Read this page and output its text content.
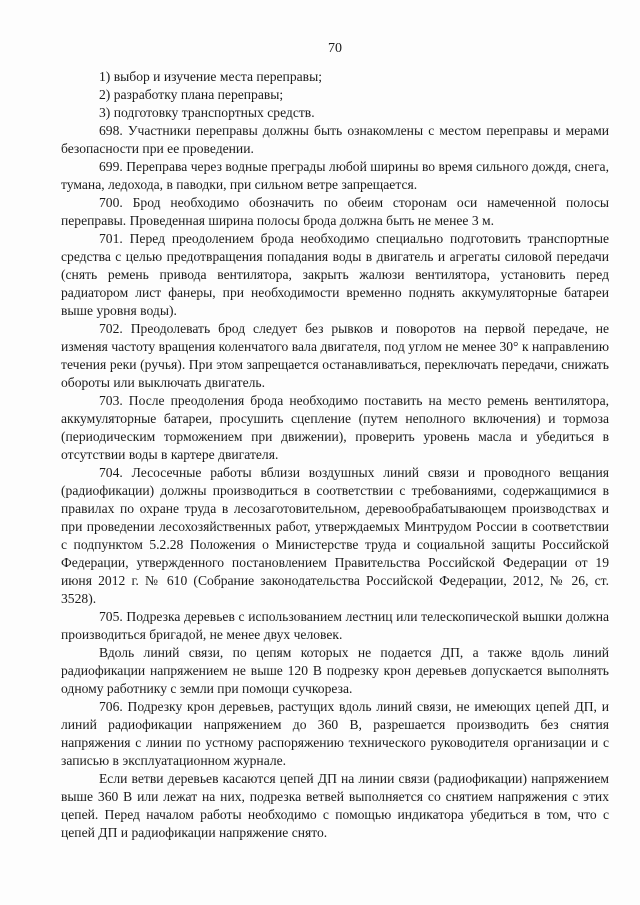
70

1) выбор и изучение места переправы;

2) разработку плана переправы;

3) подготовку транспортных средств.

698. Участники переправы должны быть ознакомлены с местом переправы и мерами безопасности при ее проведении.

699. Переправа через водные преграды любой ширины во время сильного дождя, снега, тумана, ледохода, в паводки, при сильном ветре запрещается.

700. Брод необходимо обозначить по обеим сторонам оси намеченной полосы переправы. Проведенная ширина полосы брода должна быть не менее 3 м.

701. Перед преодолением брода необходимо специально подготовить транспортные средства с целью предотвращения попадания воды в двигатель и агрегаты силовой передачи (снять ремень привода вентилятора, закрыть жалюзи вентилятора, установить перед радиатором лист фанеры, при необходимости временно поднять аккумуляторные батареи выше уровня воды).

702. Преодолевать брод следует без рывков и поворотов на первой передаче, не изменяя частоту вращения коленчатого вала двигателя, под углом не менее 30° к направлению течения реки (ручья). При этом запрещается останавливаться, переключать передачи, снижать обороты или выключать двигатель.

703. После преодоления брода необходимо поставить на место ремень вентилятора, аккумуляторные батареи, просушить сцепление (путем неполного включения) и тормоза (периодическим торможением при движении), проверить уровень масла и убедиться в отсутствии воды в картере двигателя.

704. Лесосечные работы вблизи воздушных линий связи и проводного вещания (радиофикации) должны производиться в соответствии с требованиями, содержащимися в правилах по охране труда в лесозаготовительном, деревообрабатывающем производствах и при проведении лесохозяйственных работ, утверждаемых Минтрудом России в соответствии с подпунктом 5.2.28 Положения о Министерстве труда и социальной защиты Российской Федерации, утвержденного постановлением Правительства Российской Федерации от 19 июня 2012 г. № 610 (Собрание законодательства Российской Федерации, 2012, № 26, ст. 3528).

705. Подрезка деревьев с использованием лестниц или телескопической вышки должна производиться бригадой, не менее двух человек.

Вдоль линий связи, по цепям которых не подается ДП, а также вдоль линий радиофикации напряжением не выше 120 В подрезку крон деревьев допускается выполнять одному работнику с земли при помощи сучкореза.

706. Подрезку крон деревьев, растущих вдоль линий связи, не имеющих цепей ДП, и линий радиофикации напряжением до 360 В, разрешается производить без снятия напряжения с линии по устному распоряжению технического руководителя организации и с записью в эксплуатационном журнале.

Если ветви деревьев касаются цепей ДП на линии связи (радиофикации) напряжением выше 360 В или лежат на них, подрезка ветвей выполняется со снятием напряжения с этих цепей. Перед началом работы необходимо с помощью индикатора убедиться в том, что с цепей ДП и радиофикации напряжение снято.
